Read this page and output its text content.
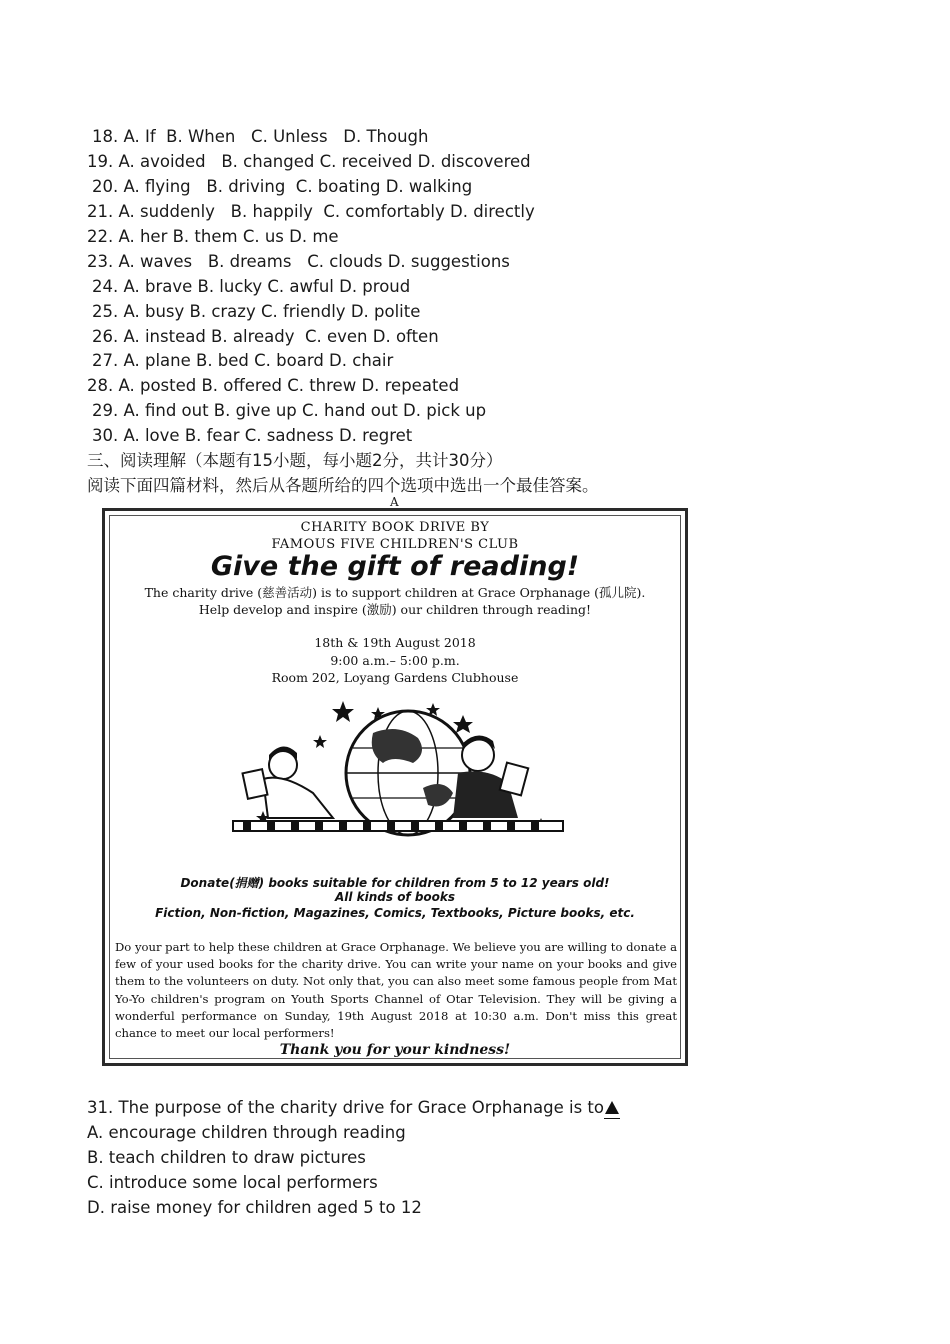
18. A. If  B. When   C. Unless   D. Though
19. A. avoided   B. changed C. received D. discovered
20. A. flying   B. driving  C. boating D. walking
21. A. suddenly   B. happily  C. comfortably D. directly
22. A. her B. them C. us D. me
23. A. waves   B. dreams   C. clouds D. suggestions
24. A. brave B. lucky C. awful D. proud
25. A. busy B. crazy C. friendly D. polite
26. A. instead B. already  C. even D. often
27. A. plane B. bed C. board D. chair
28. A. posted B. offered C. threw D. repeated
29. A. find out B. give up C. hand out D. pick up
30. A. love B. fear C. sadness D. regret
三、阅读理解（本题有15小题，每小题2分，共计30分）
阅读下面四篇材料，然后从各题所给的四个选项中选出一个最佳答案。
A
CHARITY BOOK DRIVE BY
FAMOUS FIVE CHILDREN'S CLUB
Give the gift of reading!
The charity drive (慈善活动) is to support children at Grace Orphanage (孤儿院).
Help develop and inspire (激励) our children through reading!
18th & 19th August 2018
9:00 a.m.– 5:00 p.m.
Room 202, Loyang Gardens Clubhouse
Donate(捐赠) books suitable for children from 5 to 12 years old!
All kinds of books
Fiction, Non-fiction, Magazines, Comics, Textbooks, Picture books, etc.
Do your part to help these children at Grace Orphanage. We believe you are willing to donate a few of your used books for the charity drive. You can write your name on your books and give them to the volunteers on duty. Not only that, you can also meet some famous people from Mat Yo-Yo children's program on Youth Sports Channel of Otar Television. They will be giving a wonderful performance on Sunday, 19th August 2018 at 10:30 a.m. Don't miss this great chance to meet our local performers!
Thank you for your kindness!
31. The purpose of the charity drive for Grace Orphanage is to
A. encourage children through reading
B. teach children to draw pictures
C. introduce some local performers
D. raise money for children aged 5 to 12
